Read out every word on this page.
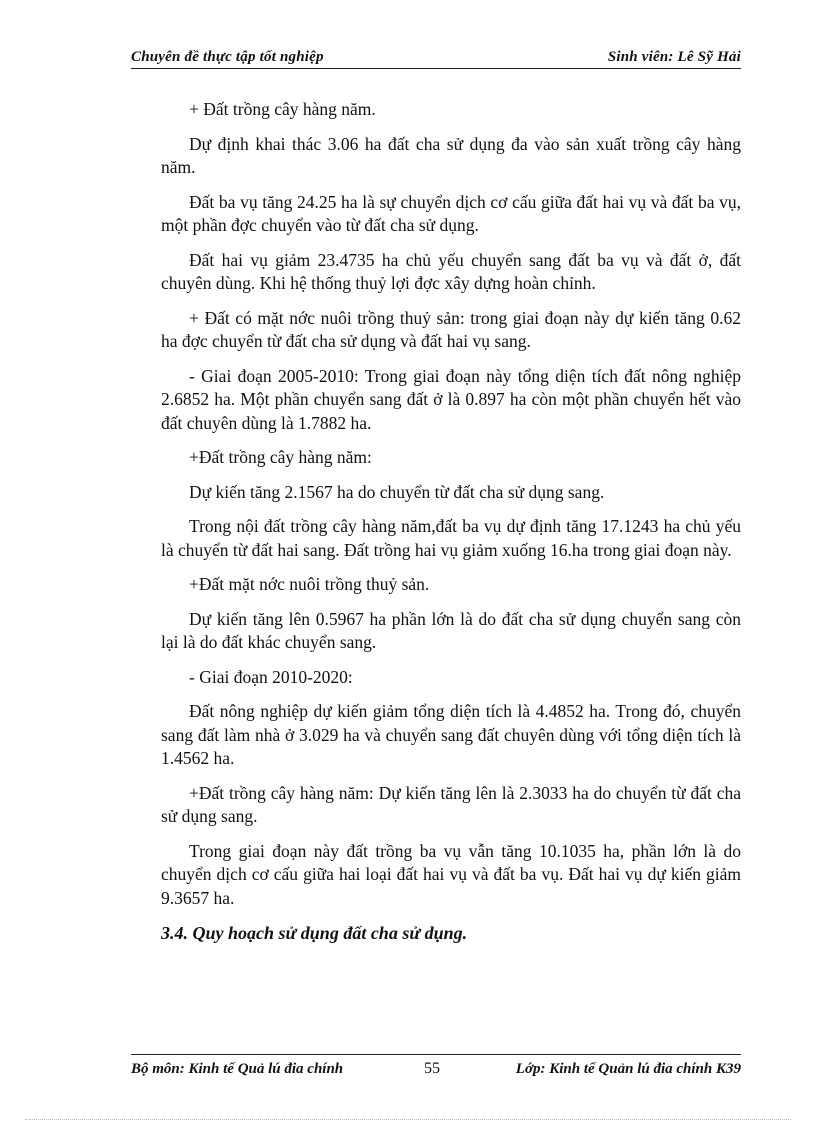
Chuyên đề thực tập tốt nghiệp	Sinh viên: Lê Sỹ Hải

+ Đất trồng cây hàng năm.

Dự định khai thác 3.06 ha đất cha sử dụng đa vào sản xuất trồng cây hàng năm.

Đất ba vụ tăng 24.25 ha là sự chuyển dịch cơ cấu giữa đất hai vụ và đất ba vụ, một phần đợc chuyển vào từ đất cha sử dụng.

Đất hai vụ giảm 23.4735 ha chủ yếu chuyển sang đất ba vụ và đất ở, đất chuyên dùng. Khi hệ thống thuỷ lợi đợc xây dựng hoàn chỉnh.

+ Đất có mặt nớc nuôi trồng thuỷ sản: trong giai đoạn này dự kiến tăng 0.62 ha đợc chuyển từ đất cha sử dụng và đất hai vụ sang.

- Giai đoạn 2005-2010: Trong giai đoạn này tổng diện tích đất nông nghiệp 2.6852 ha. Một phần chuyển sang đất ở là 0.897 ha còn một phần chuyển hết vào đất chuyên dùng là 1.7882 ha.

+Đất trồng cây hàng năm:

Dự kiến tăng 2.1567 ha do chuyển từ đất cha sử dụng sang.

Trong nội đất trồng cây hàng năm,đất ba vụ dự định tăng 17.1243 ha chủ yếu là chuyển từ đất hai sang. Đất trồng hai vụ giảm xuống 16.ha trong giai đoạn này.

+Đất mặt nớc nuôi trồng thuỷ sản.

Dự kiến tăng lên 0.5967 ha phần lớn là do đất cha sử dụng chuyển sang còn lại là do đất khác chuyển sang.

- Giai đoạn 2010-2020:

Đất nông nghiệp dự kiến giảm tổng diện tích là 4.4852 ha. Trong đó, chuyển sang đất làm nhà ở 3.029 ha và chuyển sang đất chuyên dùng với tổng diện tích là 1.4562 ha.

+Đất trồng cây hàng năm: Dự kiến tăng lên là 2.3033 ha do chuyển từ đất cha sử dụng sang.

Trong giai đoạn này đất trồng ba vụ vẫn tăng 10.1035 ha, phần lớn là do chuyển dịch cơ cấu giữa hai loại đất hai vụ và đất ba vụ. Đất hai vụ dự kiến giảm 9.3657 ha.

3.4. Quy hoạch sử dụng đất cha sử dụng.

Bộ môn: Kinh tế Quả lú đia chính	55	Lớp: Kinh tế Quản lú đia chính K39
